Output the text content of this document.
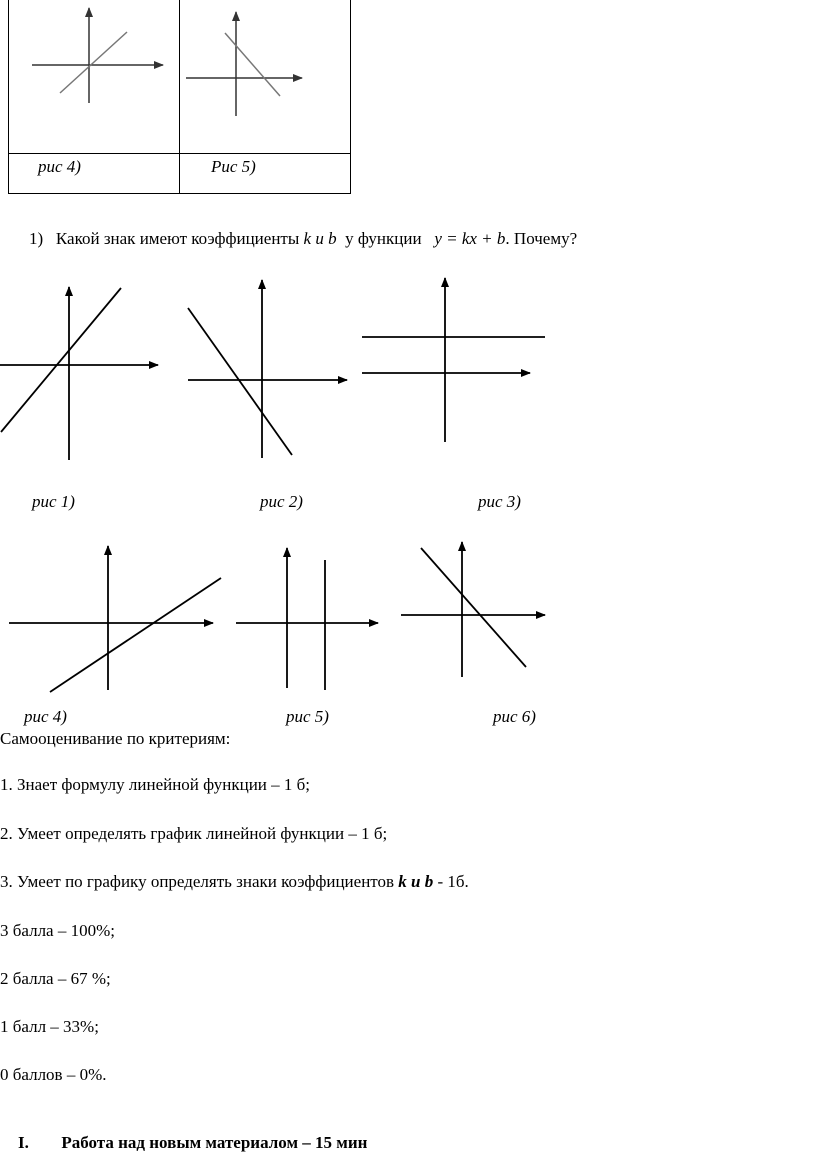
рис 4)	Рис 5)
1) Какой знак имеют коэффициенты k и b у функции y = kx + b. Почему?
рис 1)	рис 2)	рис 3)
рис 4)	рис 5)	рис 6)
Самооценивание по критериям:
1. Знает формулу линейной функции – 1 б;
2. Умеет определять график линейной функции – 1 б;
3. Умеет по графику определять знаки коэффициентов k и b - 1б.
3 балла – 100%;
2 балла – 67 %;
1 балл – 33%;
0 баллов – 0%.
I. Работа над новым материалом – 15 мин
